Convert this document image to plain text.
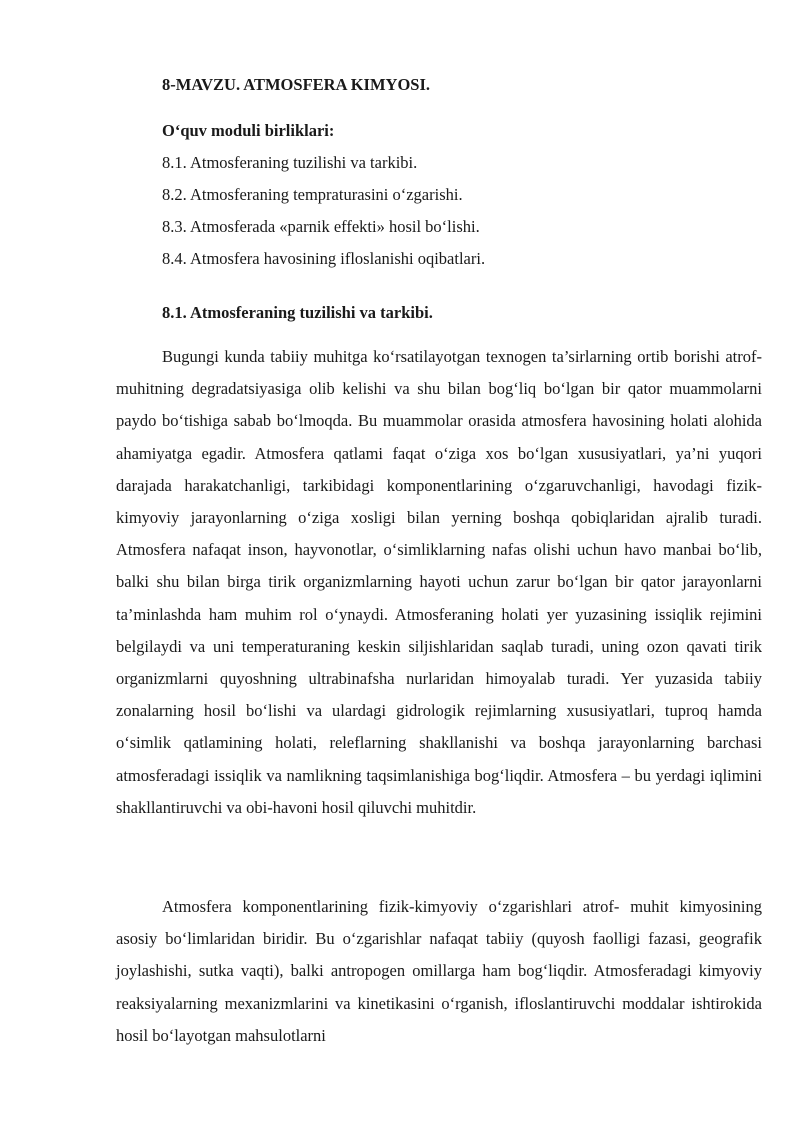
8-MAVZU. ATMOSFERA KIMYOSI.
O‘quv moduli birliklari:
8.1. Atmosferaning tuzilishi va tarkibi.
8.2. Atmosferaning tempraturasini o‘zgarishi.
8.3. Atmosferada «parnik effekti» hosil bo‘lishi.
8.4. Atmosfera havosining ifloslanishi oqibatlari.
8.1. Atmosferaning tuzilishi va tarkibi.

Bugungi kunda tabiiy muhitga ko‘rsatilayotgan texnogen ta’sirlarning ortib borishi atrof-muhitning degradatsiyasiga olib kelishi va shu bilan bog‘liq bo‘lgan bir qator muammolarni paydo bo‘tishiga sabab bo‘lmoqda. Bu muammolar orasida atmosfera havosining holati alohida ahamiyatga egadir. Atmosfera qatlami faqat o‘ziga xos bo‘lgan xususiyatlari, ya’ni yuqori darajada harakatchanligi, tarkibidagi komponentlarining o‘zgaruvchanligi, havodagi fizik- kimyoviy jarayonlarning o‘ziga xosligi bilan yerning boshqa qobiqlaridan ajralib turadi. Atmosfera nafaqat inson, hayvonotlar, o‘simliklarning nafas olishi uchun havo manbai bo‘lib, balki shu bilan birga tirik organizmlarning hayoti uchun zarur bo‘lgan bir qator jarayonlarni ta’minlashda ham muhim rol o‘ynaydi. Atmosferaning holati yer yuzasining issiqlik rejimini belgilaydi va uni temperaturaning keskin siljishlaridan saqlab turadi, uning ozon qavati tirik organizmlarni quyoshning ultrabinafsha nurlaridan himoyalab turadi. Yer yuzasida tabiiy zonalarning hosil bo‘lishi va ulardagi gidrologik rejimlarning xususiyatlari, tuproq hamda o‘simlik qatlamining holati, releflarning shakllanishi va boshqa jarayonlarning barchasi atmosferadagi issiqlik va namlikning taqsimlanishiga bog‘liqdir. Atmosfera – bu yerdagi iqlimini shakllantiruvchi va obi-havoni hosil qiluvchi muhitdir.

Atmosfera komponentlarining fizik-kimyoviy o‘zgarishlari atrof- muhit kimyosining asosiy bo‘limlaridan biridir. Bu o‘zgarishlar nafaqat tabiiy (quyosh faolligi fazasi, geografik joylashishi, sutka vaqti), balki antropogen omillarga ham bog‘liqdir. Atmosferadagi kimyoviy reaksiyalarning mexanizmlarini va kinetikasini o‘rganish, ifloslantiruvchi moddalar ishtirokida hosil bo‘layotgan mahsulotlarni
